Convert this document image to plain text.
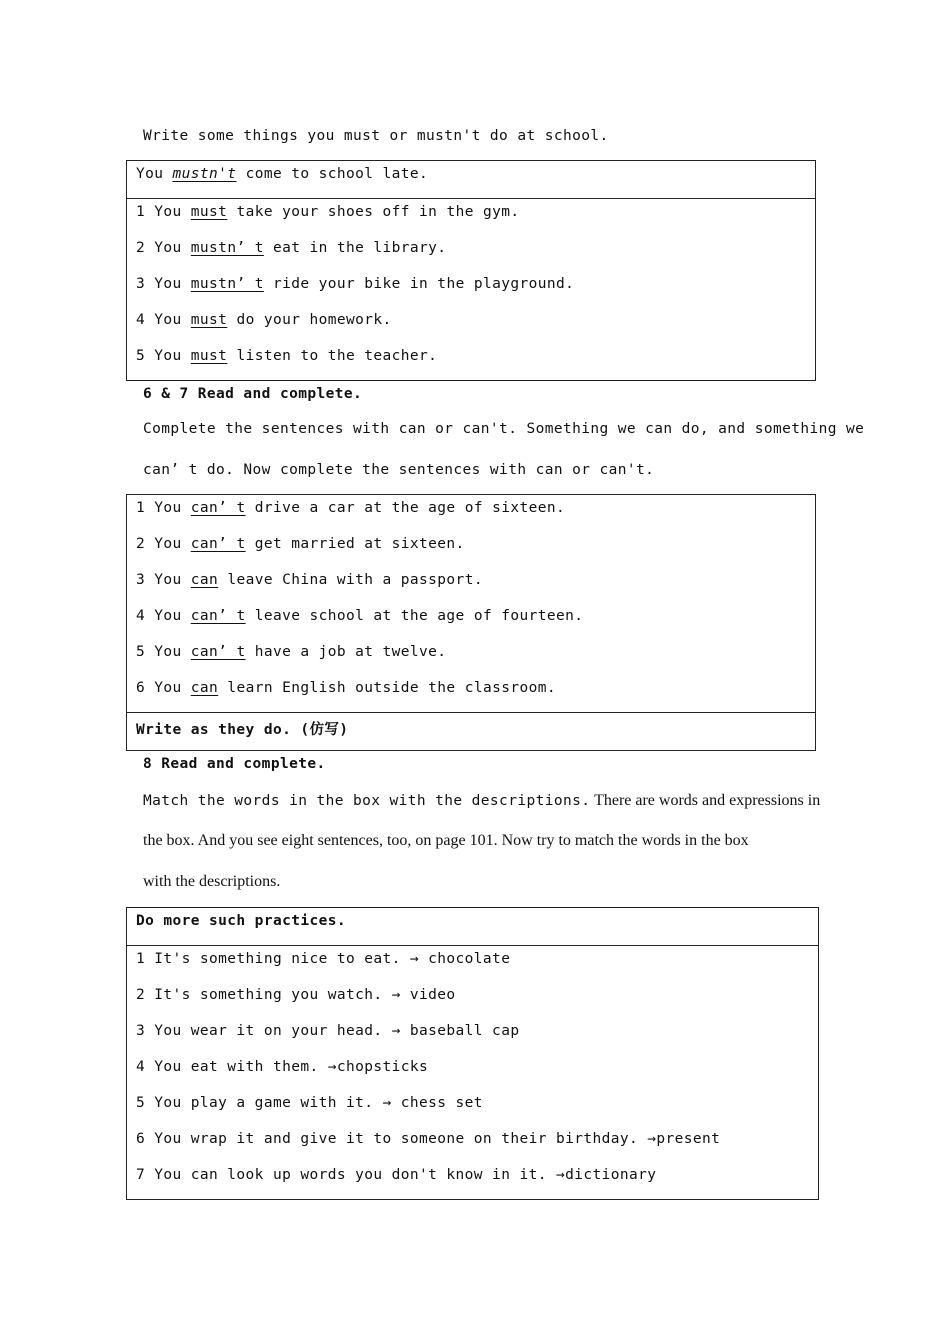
Write some things you must or mustn't do at school.
You mustn't come to school late.
1 You must take your shoes off in the gym.
2 You mustn’ t eat in the library.
3 You mustn’ t ride your bike in the playground.
4 You must do your homework.
5 You must listen to the teacher.
6 & 7 Read and complete.
Complete the sentences with can or can't. Something we can do, and something we
can’ t do. Now complete the sentences with can or can't.
1 You can’ t drive a car at the age of sixteen.
2 You can’ t get married at sixteen.
3 You can leave China with a passport.
4 You can’ t leave school at the age of fourteen.
5 You can’ t have a job at twelve.
6 You can learn English outside the classroom.
Write as they do. (仿写)
8 Read and complete.
Match the words in the box with the descriptions. There are words and expressions in
the box. And you see eight sentences, too, on page 101. Now try to match the words in the box
with the descriptions.
Do more such practices.
1 It's something nice to eat. → chocolate
2 It's something you watch. → video
3 You wear it on your head. → baseball cap
4 You eat with them. →chopsticks
5 You play a game with it. → chess set
6 You wrap it and give it to someone on their birthday. →present
7 You can look up words you don't know in it. →dictionary
